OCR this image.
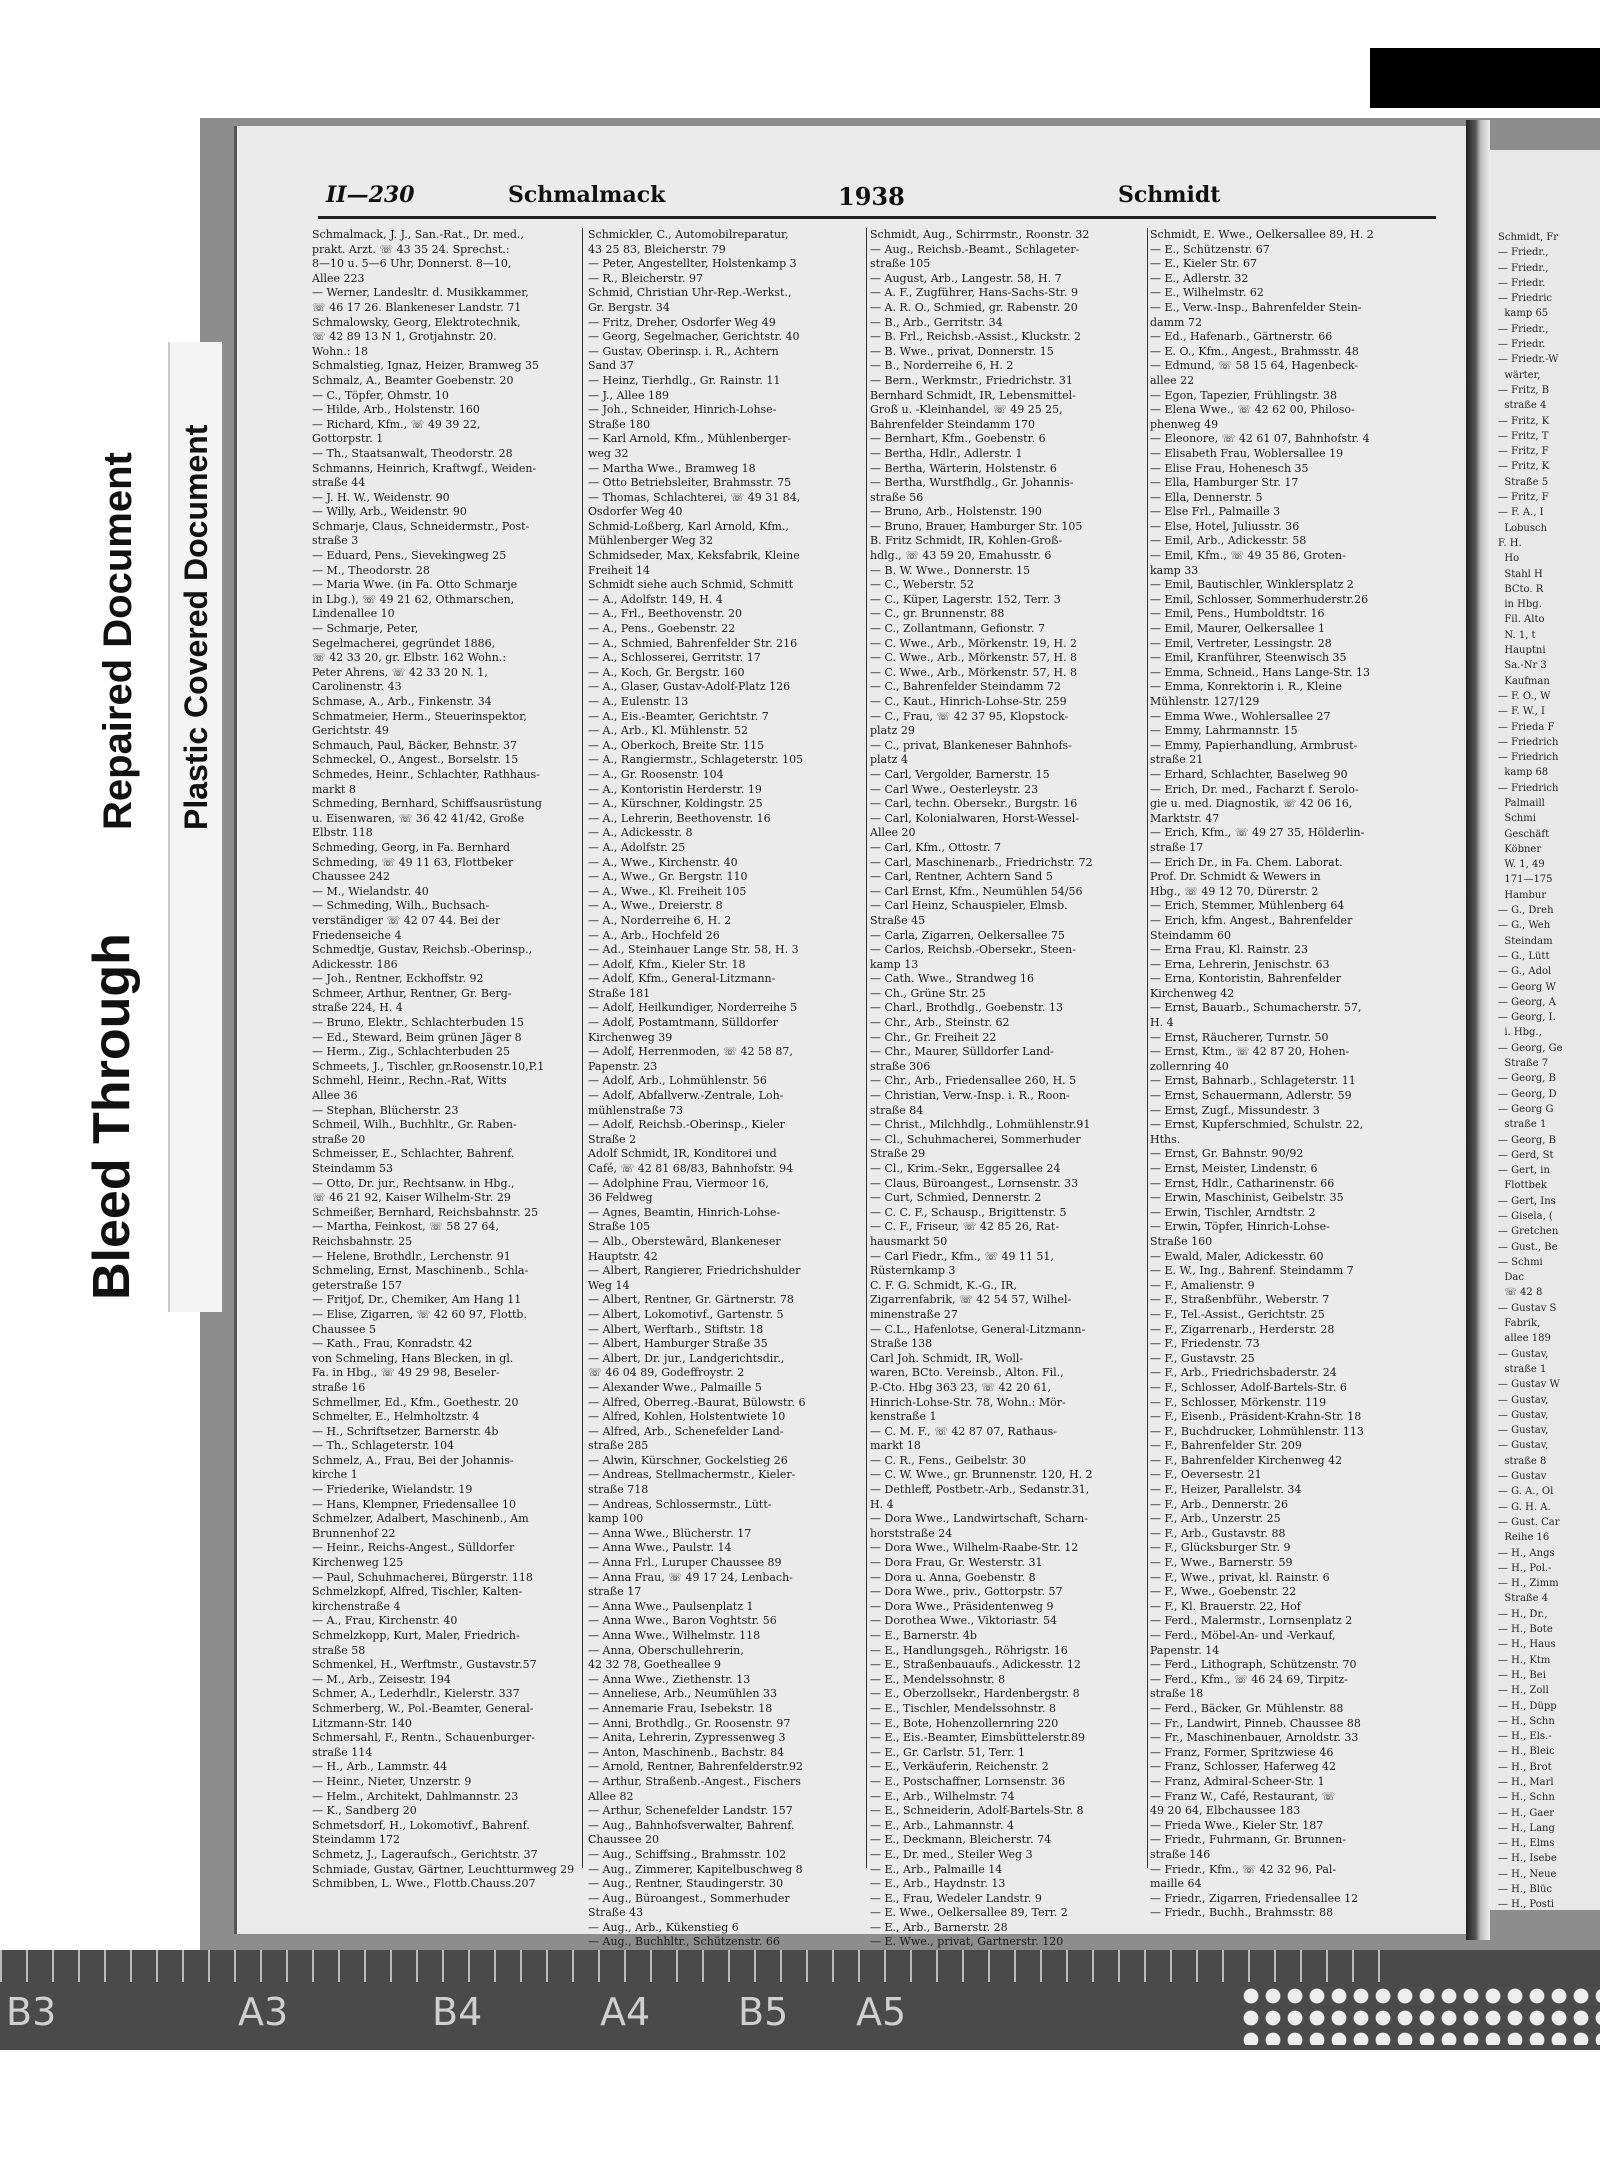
Schmidt, Fr
— Friedr.,
— Friedr.,
— Friedr.
— Friedric
kamp 65
— Friedr.,
— Friedr.
— Friedr.-W
wärter,
— Fritz, B
straße 4
— Fritz, K
— Fritz, T
— Fritz, F
— Fritz, K
Straße 5
— Fritz, F
— F. A., I
Lobusch
F. H.
Ho
Stahl H
BCto. R
in Hbg.
Fil. Alto
N. 1, t
Hauptni
Sa.-Nr 3
Kaufman
— F. O., W
— F. W., I
— Frieda F
— Friedrich
— Friedrich
kamp 68
— Friedrich
Palmaill
Schmi
Geschäft
Köbner
W. 1, 49
171—175
Hambur
— G., Dreh
— G., Weh
Steindam
— G., Lütt
— G., Adol
— Georg W
— Georg, A
— Georg, I.
i. Hbg.,
— Georg, Ge
Straße 7
— Georg, B
— Georg, D
— Georg G
straße 1
— Georg, B
— Gerd, St
— Gert, in
Flottbek
— Gert, Ins
— Gisela, (
— Gretchen
— Gust., Be
— Schmi
Dac
☏ 42 8
— Gustav S
Fabrik,
allee 189
— Gustav,
straße 1
— Gustav W
— Gustav,
— Gustav,
— Gustav,
— Gustav,
straße 8
— Gustav
— G. A., Ol
— G. H. A.
— Gust. Car
Reihe 16
— H., Angs
— H., Pol.-
— H., Zimm
Straße 4
— H., Dr.,
— H., Bote
— H., Haus
— H., Ktm
— H., Bei
— H., Zoll
— H., Düpp
— H., Schn
— H., Els.-
— H., Bleic
— H., Brot
— H., Marl
— H., Schn
— H., Gaer
— H., Lang
— H., Elms
— H., Isebe
— H., Neue
— H., Blüc
— H., Posti
Bleed Through
Repaired Document Plastic Covered Document
II—230	Schmalmack	1938	Schmidt
Schmalmack, J. J., San.-Rat., Dr. med.,
prakt. Arzt. ☏ 43 35 24. Sprechst.:
8—10 u. 5—6 Uhr, Donnerst. 8—10,
Allee 223
— Werner, Landesltr. d. Musikkammer,
☏ 46 17 26. Blankeneser Landstr. 71
Schmalowsky, Georg, Elektrotechnik,
☏ 42 89 13 N 1, Grotjahnstr. 20.
Wohn.: 18
Schmalstieg, Ignaz, Heizer, Bramweg 35
Schmalz, A., Beamter Goebenstr. 20
— C., Töpfer, Ohmstr. 10
— Hilde, Arb., Holstenstr. 160
— Richard, Kfm., ☏ 49 39 22,
Gottorpstr. 1
— Th., Staatsanwalt, Theodorstr. 28
Schmanns, Heinrich, Kraftwgf., Weiden-
straße 44
— J. H. W., Weidenstr. 90
— Willy, Arb., Weidenstr. 90
Schmarje, Claus, Schneidermstr., Post-
straße 3
— Eduard, Pens., Sievekingweg 25
— M., Theodorstr. 28
— Maria Wwe. (in Fa. Otto Schmarje
in Lbg.), ☏ 49 21 62, Othmarschen,
Lindenallee 10
— Schmarje, Peter,
Segelmacherei, gegründet 1886,
☏ 42 33 20, gr. Elbstr. 162 Wohn.:
Peter Ahrens, ☏ 42 33 20 N. 1,
Carolinenstr. 43
Schmase, A., Arb., Finkenstr. 34
Schmatmeier, Herm., Steuerinspektor,
Gerichtstr. 49
Schmauch, Paul, Bäcker, Behnstr. 37
Schmeckel, O., Angest., Borselstr. 15
Schmedes, Heinr., Schlachter, Rathhaus-
markt 8
Schmeding, Bernhard, Schiffsausrüstung
u. Eisenwaren, ☏ 36 42 41/42, Große
Elbstr. 118
Schmeding, Georg, in Fa. Bernhard
Schmeding, ☏ 49 11 63, Flottbeker
Chaussee 242
— M., Wielandstr. 40
— Schmeding, Wilh., Buchsach-
verständiger ☏ 42 07 44. Bei der
Friedenseiche 4
Schmedtje, Gustav, Reichsb.-Oberinsp.,
Adickesstr. 186
— Joh., Rentner, Eckhoffstr. 92
Schmeer, Arthur, Rentner, Gr. Berg-
straße 224, H. 4
— Bruno, Elektr., Schlachterbuden 15
— Ed., Steward, Beim grünen Jäger 8
— Herm., Zig., Schlachterbuden 25
Schmeets, J., Tischler, gr.Roosenstr.10,P.1
Schmehl, Heinr., Rechn.-Rat, Witts
Allee 36
— Stephan, Blücherstr. 23
Schmeil, Wilh., Buchhltr., Gr. Raben-
straße 20
Schmeisser, E., Schlachter, Bahrenf.
Steindamm 53
— Otto, Dr. jur., Rechtsanw. in Hbg.,
☏ 46 21 92, Kaiser Wilhelm-Str. 29
Schmeißer, Bernhard, Reichsbahnstr. 25
— Martha, Feinkost, ☏ 58 27 64,
Reichsbahnstr. 25
— Helene, Brothdlr., Lerchenstr. 91
Schmeling, Ernst, Maschinenb., Schla-
geterstraße 157
— Fritjof, Dr., Chemiker, Am Hang 11
— Elise, Zigarren, ☏ 42 60 97, Flottb.
Chaussee 5
— Kath., Frau, Konradstr. 42
von Schmeling, Hans Blecken, in gl.
Fa. in Hbg., ☏ 49 29 98, Beseler-
straße 16
Schmellmer, Ed., Kfm., Goethestr. 20
Schmelter, E., Helmholtzstr. 4
— H., Schriftsetzer, Barnerstr. 4b
— Th., Schlageterstr. 104
Schmelz, A., Frau, Bei der Johannis-
kirche 1
— Friederike, Wielandstr. 19
— Hans, Klempner, Friedensallee 10
Schmelzer, Adalbert, Maschinenb., Am
Brunnenhof 22
— Heinr., Reichs-Angest., Sülldorfer
Kirchenweg 125
— Paul, Schuhmacherei, Bürgerstr. 118
Schmelzkopf, Alfred, Tischler, Kalten-
kirchenstraße 4
— A., Frau, Kirchenstr. 40
Schmelzkopp, Kurt, Maler, Friedrich-
straße 58
Schmenkel, H., Werftmstr., Gustavstr.57
— M., Arb., Zeisestr. 194
Schmer, A., Lederhdlr., Kielerstr. 337
Schmerberg, W., Pol.-Beamter, General-
Litzmann-Str. 140
Schmersahl, F., Rentn., Schauenburger-
straße 114
— H., Arb., Lammstr. 44
— Heinr., Nieter, Unzerstr. 9
— Helm., Architekt, Dahlmannstr. 23
— K., Sandberg 20
Schmetsdorf, H., Lokomotivf., Bahrenf.
Steindamm 172
Schmetz, J., Lageraufsch., Gerichtstr. 37
Schmiade, Gustav, Gärtner, Leuchtturmweg 29
Schmibben, L. Wwe., Flottb.Chauss.207
Schmickler, C., Automobilreparatur,
43 25 83, Bleicherstr. 79
— Peter, Angestellter, Holstenkamp 3
— R., Bleicherstr. 97
Schmid, Christian Uhr-Rep.-Werkst.,
Gr. Bergstr. 34
— Fritz, Dreher, Osdorfer Weg 49
— Georg, Segelmacher, Gerichtstr. 40
— Gustav, Oberinsp. i. R., Achtern
Sand 37
— Heinz, Tierhdlg., Gr. Rainstr. 11
— J., Allee 189
— Joh., Schneider, Hinrich-Lohse-
Straße 180
— Karl Arnold, Kfm., Mühlenberger-
weg 32
— Martha Wwe., Bramweg 18
— Otto Betriebsleiter, Brahmsstr. 75
— Thomas, Schlachterei, ☏ 49 31 84,
Osdorfer Weg 40
Schmid-Loßberg, Karl Arnold, Kfm.,
Mühlenberger Weg 32
Schmidseder, Max, Keksfabrik, Kleine
Freiheit 14
Schmidt siehe auch Schmid, Schmitt
— A., Adolfstr. 149, H. 4
— A., Frl., Beethovenstr. 20
— A., Pens., Goebenstr. 22
— A., Schmied, Bahrenfelder Str. 216
— A., Schlosserei, Gerritstr. 17
— A., Koch, Gr. Bergstr. 160
— A., Glaser, Gustav-Adolf-Platz 126
— A., Eulenstr. 13
— A., Eis.-Beamter, Gerichtstr. 7
— A., Arb., Kl. Mühlenstr. 52
— A., Oberkoch, Breite Str. 115
— A., Rangiermstr., Schlageterstr. 105
— A., Gr. Roosenstr. 104
— A., Kontoristin Herderstr. 19
— A., Kürschner, Koldingstr. 25
— A., Lehrerin, Beethovenstr. 16
— A., Adickesstr. 8
— A., Adolfstr. 25
— A., Wwe., Kirchenstr. 40
— A., Wwe., Gr. Bergstr. 110
— A., Wwe., Kl. Freiheit 105
— A., Wwe., Dreierstr. 8
— A., Norderreihe 6, H. 2
— A., Arb., Hochfeld 26
— Ad., Steinhauer Lange Str. 58, H. 3
— Adolf, Kfm., Kieler Str. 18
— Adolf, Kfm., General-Litzmann-
Straße 181
— Adolf, Heilkundiger, Norderreihe 5
— Adolf, Postamtmann, Sülldorfer
Kirchenweg 39
— Adolf, Herrenmoden, ☏ 42 58 87,
Papenstr. 23
— Adolf, Arb., Lohmühlenstr. 56
— Adolf, Abfallverw.-Zentrale, Loh-
mühlenstraße 73
— Adolf, Reichsb.-Oberinsp., Kieler
Straße 2
Adolf Schmidt, IR, Konditorei und
Café, ☏ 42 81 68/83, Bahnhofstr. 94
— Adolphine Frau, Viermoor 16,
36 Feldweg
— Agnes, Beamtin, Hinrich-Lohse-
Straße 105
— Alb., Oberstewārd, Blankeneser
Hauptstr. 42
— Albert, Rangierer, Friedrichshulder
Weg 14
— Albert, Rentner, Gr. Gärtnerstr. 78
— Albert, Lokomotivf., Gartenstr. 5
— Albert, Werftarb., Stiftstr. 18
— Albert, Hamburger Straße 35
— Albert, Dr. jur., Landgerichtsdir.,
☏ 46 04 89, Godeffroystr. 2
— Alexander Wwe., Palmaille 5
— Alfred, Oberreg.-Baurat, Bülowstr. 6
— Alfred, Kohlen, Holstentwiete 10
— Alfred, Arb., Schenefelder Land-
straße 285
— Alwin, Kürschner, Gockelstieg 26
— Andreas, Stellmachermstr., Kieler-
straße 718
— Andreas, Schlossermstr., Lütt-
kamp 100
— Anna Wwe., Blücherstr. 17
— Anna Wwe., Paulstr. 14
— Anna Frl., Luruper Chaussee 89
— Anna Frau, ☏ 49 17 24, Lenbach-
straße 17
— Anna Wwe., Paulsenplatz 1
— Anna Wwe., Baron Voghtstr. 56
— Anna Wwe., Wilhelmstr. 118
— Anna, Oberschullehrerin,
42 32 78, Goetheallee 9
— Anna Wwe., Ziethenstr. 13
— Anneliese, Arb., Neumühlen 33
— Annemarie Frau, Isebekstr. 18
— Anni, Brothdlg., Gr. Roosenstr. 97
— Anita, Lehrerin, Zypressenweg 3
— Anton, Maschinenb., Bachstr. 84
— Arnold, Rentner, Bahrenfelderstr.92
— Arthur, Straßenb.-Angest., Fischers
Allee 82
— Arthur, Schenefelder Landstr. 157
— Aug., Bahnhofsverwalter, Bahrenf.
Chaussee 20
— Aug., Schiffsing., Brahmsstr. 102
— Aug., Zimmerer, Kapitelbuschweg 8
— Aug., Rentner, Staudingerstr. 30
— Aug., Büroangest., Sommerhuder
Straße 43
— Aug., Arb., Kükenstieg 6
— Aug., Buchhltr., Schützenstr. 66
Schmidt, Aug., Schirrmstr., Roonstr. 32
— Aug., Reichsb.-Beamt., Schlageter-
straße 105
— August, Arb., Langestr. 58, H. 7
— A. F., Zugführer, Hans-Sachs-Str. 9
— A. R. O., Schmied, gr. Rabenstr. 20
— B., Arb., Gerritstr. 34
— B. Frl., Reichsb.-Assist., Kluckstr. 2
— B. Wwe., privat, Donnerstr. 15
— B., Norderreihe 6, H. 2
— Bern., Werkmstr., Friedrichstr. 31
Bernhard Schmidt, IR, Lebensmittel-
Groß u. -Kleinhandel, ☏ 49 25 25,
Bahrenfelder Steindamm 170
— Bernhart, Kfm., Goebenstr. 6
— Bertha, Hdlr., Adlerstr. 1
— Bertha, Wärterin, Holstenstr. 6
— Bertha, Wurstfhdlg., Gr. Johannis-
straße 56
— Bruno, Arb., Holstenstr. 190
— Bruno, Brauer, Hamburger Str. 105
B. Fritz Schmidt, IR, Kohlen-Groß-
hdlg., ☏ 43 59 20, Emahusstr. 6
— B. W. Wwe., Donnerstr. 15
— C., Weberstr. 52
— C., Küper, Lagerstr. 152, Terr. 3
— C., gr. Brunnenstr. 88
— C., Zollantmann, Gefionstr. 7
— C. Wwe., Arb., Mörkenstr. 19, H. 2
— C. Wwe., Arb., Mörkenstr. 57, H. 8
— C. Wwe., Arb., Mörkenstr. 57, H. 8
— C., Bahrenfelder Steindamm 72
— C., Kaut., Hinrich-Lohse-Str. 259
— C., Frau, ☏ 42 37 95, Klopstock-
platz 29
— C., privat, Blankeneser Bahnhofs-
platz 4
— Carl, Vergolder, Barnerstr. 15
— Carl Wwe., Oesterleystr. 23
— Carl, techn. Obersekr., Burgstr. 16
— Carl, Kolonialwaren, Horst-Wessel-
Allee 20
— Carl, Kfm., Ottostr. 7
— Carl, Maschinenarb., Friedrichstr. 72
— Carl, Rentner, Achtern Sand 5
— Carl Ernst, Kfm., Neumühlen 54/56
— Carl Heinz, Schauspieler, Elmsb.
Straße 45
— Carla, Zigarren, Oelkersallee 75
— Carlos, Reichsb.-Obersekr., Steen-
kamp 13
— Cath. Wwe., Strandweg 16
— Ch., Grüne Str. 25
— Charl., Brothdlg., Goebenstr. 13
— Chr., Arb., Steinstr. 62
— Chr., Gr. Freiheit 22
— Chr., Maurer, Sülldorfer Land-
straße 306
— Chr., Arb., Friedensallee 260, H. 5
— Christian, Verw.-Insp. i. R., Roon-
straße 84
— Christ., Milchhdlg., Lohmühlenstr.91
— Cl., Schuhmacherei, Sommerhuder
Straße 29
— Cl., Krim.-Sekr., Eggersallee 24
— Claus, Büroangest., Lornsenstr. 33
— Curt, Schmied, Dennerstr. 2
— C. C. F., Schausp., Brigittenstr. 5
— C. F., Friseur, ☏ 42 85 26, Rat-
hausmarkt 50
— Carl Fiedr., Kfm., ☏ 49 11 51,
Rüsternkamp 3
C. F. G. Schmidt, K.-G., IR,
Zigarrenfabrik, ☏ 42 54 57, Wilhel-
minenstraße 27
— C.L., Hafenlotse, General-Litzmann-
Straße 138
Carl Joh. Schmidt, IR, Woll-
waren, BCto. Vereinsb., Alton. Fil.,
P.-Cto. Hbg 363 23, ☏ 42 20 61,
Hinrich-Lohse-Str. 78, Wohn.: Mör-
kenstraße 1
— C. M. F., ☏ 42 87 07, Rathaus-
markt 18
— C. R., Fens., Geibelstr. 30
— C. W. Wwe., gr. Brunnenstr. 120, H. 2
— Dethleff, Postbetr.-Arb., Sedanstr.31,
H. 4
— Dora Wwe., Landwirtschaft, Scharn-
horststraße 24
— Dora Wwe., Wilhelm-Raabe-Str. 12
— Dora Frau, Gr. Westerstr. 31
— Dora u. Anna, Goebenstr. 8
— Dora Wwe., priv., Gottorpstr. 57
— Dora Wwe., Präsidentenweg 9
— Dorothea Wwe., Viktoriastr. 54
— E., Barnerstr. 4b
— E., Handlungsgeh., Röhrigstr. 16
— E., Straßenbauaufs., Adickesstr. 12
— E., Mendelssohnstr. 8
— E., Oberzollsekr., Hardenbergstr. 8
— E., Tischler, Mendelssohnstr. 8
— E., Bote, Hohenzollernring 220
— E., Eis.-Beamter, Eimsbüttelerstr.89
— E., Gr. Carlstr. 51, Terr. 1
— E., Verkäuferin, Reichenstr. 2
— E., Postschaffner, Lornsenstr. 36
— E., Arb., Wilhelmstr. 74
— E., Schneiderin, Adolf-Bartels-Str. 8
— E., Arb., Lahmannstr. 4
— E., Deckmann, Bleicherstr. 74
— E., Dr. med., Steiler Weg 3
— E., Arb., Palmaille 14
— E., Arb., Haydnstr. 13
— E., Frau, Wedeler Landstr. 9
— E. Wwe., Oelkersallee 89, Terr. 2
— E., Arb., Barnerstr. 28
— E. Wwe., privat, Gartnerstr. 120
Schmidt, E. Wwe., Oelkersallee 89, H. 2
— E., Schützenstr. 67
— E., Kieler Str. 67
— E., Adlerstr. 32
— E., Wilhelmstr. 62
— E., Verw.-Insp., Bahrenfelder Stein-
damm 72
— Ed., Hafenarb., Gärtnerstr. 66
— E. O., Kfm., Angest., Brahmsstr. 48
— Edmund, ☏ 58 15 64, Hagenbeck-
allee 22
— Egon, Tapezier, Frühlingstr. 38
— Elena Wwe., ☏ 42 62 00, Philoso-
phenweg 49
— Eleonore, ☏ 42 61 07, Bahnhofstr. 4
— Elisabeth Frau, Woblersallee 19
— Elise Frau, Hohenesch 35
— Ella, Hamburger Str. 17
— Ella, Dennerstr. 5
— Else Frl., Palmaille 3
— Else, Hotel, Juliusstr. 36
— Emil, Arb., Adickesstr. 58
— Emil, Kfm., ☏ 49 35 86, Groten-
kamp 33
— Emil, Bautischler, Winklersplatz 2
— Emil, Schlosser, Sommerhuderstr.26
— Emil, Pens., Humboldtstr. 16
— Emil, Maurer, Oelkersallee 1
— Emil, Vertreter, Lessingstr. 28
— Emil, Kranführer, Steenwisch 35
— Emma, Schneid., Hans Lange-Str. 13
— Emma, Konrektorin i. R., Kleine
Mühlenstr. 127/129
— Emma Wwe., Wohlersallee 27
— Emmy, Lahrmannstr. 15
— Emmy, Papierhandlung, Armbrust-
straße 21
— Erhard, Schlachter, Baselweg 90
— Erich, Dr. med., Facharzt f. Serolo-
gie u. med. Diagnostik, ☏ 42 06 16,
Marktstr. 47
— Erich, Kfm., ☏ 49 27 35, Hölderlin-
straße 17
— Erich Dr., in Fa. Chem. Laborat.
Prof. Dr. Schmidt & Wewers in
Hbg., ☏ 49 12 70, Dürerstr. 2
— Erich, Stemmer, Mühlenberg 64
— Erich, kfm. Angest., Bahrenfelder
Steindamm 60
— Erna Frau, Kl. Rainstr. 23
— Erna, Lehrerin, Jenischstr. 63
— Erna, Kontoristin, Bahrenfelder
Kirchenweg 42
— Ernst, Bauarb., Schumacherstr. 57,
H. 4
— Ernst, Räucherer, Turnstr. 50
— Ernst, Ktm., ☏ 42 87 20, Hohen-
zollernring 40
— Ernst, Bahnarb., Schlageterstr. 11
— Ernst, Schauermann, Adlerstr. 59
— Ernst, Zugf., Missundestr. 3
— Ernst, Kupferschmied, Schulstr. 22,
Hths.
— Ernst, Gr. Bahnstr. 90/92
— Ernst, Meister, Lindenstr. 6
— Ernst, Hdlr., Catharinenstr. 66
— Erwin, Maschinist, Geibelstr. 35
— Erwin, Tischler, Arndtstr. 2
— Erwin, Töpfer, Hinrich-Lohse-
Straße 160
— Ewald, Maler, Adickesstr. 60
— E. W., Ing., Bahrenf. Steindamm 7
— F., Amalienstr. 9
— F., Straßenbführ., Weberstr. 7
— F., Tel.-Assist., Gerichtstr. 25
— F., Zigarrenarb., Herderstr. 28
— F., Friedenstr. 73
— F., Gustavstr. 25
— F., Arb., Friedrichsbaderstr. 24
— F., Schlosser, Adolf-Bartels-Str. 6
— F., Schlosser, Mörkenstr. 119
— F., Eisenb., Präsident-Krahn-Str. 18
— F., Buchdrucker, Lohmühlenstr. 113
— F., Bahrenfelder Str. 209
— F., Bahrenfelder Kirchenweg 42
— F., Oeversestr. 21
— F., Heizer, Parallelstr. 34
— F., Arb., Dennerstr. 26
— F., Arb., Unzerstr. 25
— F., Arb., Gustavstr. 88
— F., Glücksburger Str. 9
— F., Wwe., Barnerstr. 59
— F., Wwe., privat, kl. Rainstr. 6
— F., Wwe., Goebenstr. 22
— F., Kl. Brauerstr. 22, Hof
— Ferd., Malermstr., Lornsenplatz 2
— Ferd., Möbel-An- und -Verkauf,
Papenstr. 14
— Ferd., Lithograph, Schützenstr. 70
— Ferd., Kfm., ☏ 46 24 69, Tirpitz-
straße 18
— Ferd., Bäcker, Gr. Mühlenstr. 88
— Fr., Landwirt, Pinneb. Chaussee 88
— Fr., Maschinenbauer, Arnoldstr. 33
— Franz, Former, Spritzwiese 46
— Franz, Schlosser, Haferweg 42
— Franz, Admiral-Scheer-Str. 1
— Franz W., Café, Restaurant, ☏
49 20 64, Elbchaussee 183
— Frieda Wwe., Kieler Str. 187
— Friedr., Fuhrmann, Gr. Brunnen-
straße 146
— Friedr., Kfm., ☏ 42 32 96, Pal-
maille 64
— Friedr., Zigarren, Friedensallee 12
— Friedr., Buchh., Brahmsstr. 88
B3	A3	B4	A4 B5 A5
